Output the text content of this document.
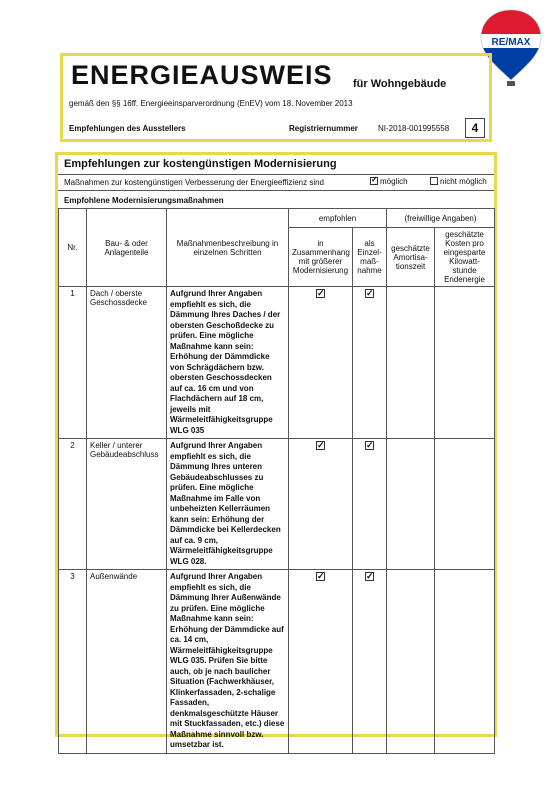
RE/MAX
ENERGIEAUSWEIS für Wohngebäude
gemäß den §§ 16ff. Energieeinsparverordnung (EnEV) vom 18. November 2013
Empfehlungen des Ausstellers	Registriernummer	NI-2018-001995558	4
Empfehlungen zur kostengünstigen Modernisierung
Maßnahmen zur kostengünstigen Verbesserung der Energieeffizienz sind ✓	möglich	nicht möglich
Empfohlene Modernisierungsmaßnahmen
Nr.	Bau- & oder Anlagenteile	Maßnahmenbeschreibung in einzelnen Schritten	empfohlen		(freiwillige Angaben)	
			in Zusammenhang mit größerer Modernisierung	als Einzel-maß-nahme	geschätzte Amortisa-tionszeit	geschätzte Kosten pro eingesparte Kilowatt-stunde Endenergie
1	Dach / oberste Geschossdecke	Aufgrund Ihrer Angaben empfiehlt es sich, die Dämmung Ihres Daches / der obersten Geschoßdecke zu prüfen. Eine mögliche Maßnahme kann sein: Erhöhung der Dämmdicke von Schrägdächern bzw. obersten Geschossdecken auf ca. 16 cm und von Flachdächern auf 18 cm, jeweils mit Wärmeleitfähigkeitsgruppe WLG 035	✓	✓		
2	Keller / unterer Gebäudeabschluss	Aufgrund Ihrer Angaben empfiehlt es sich, die Dämmung Ihres unteren Gebäudeabschlusses zu prüfen. Eine mögliche Maßnahme im Falle von unbeheizten Kellerräumen kann sein: Erhöhung der Dämmdicke bei Kellerdecken auf ca. 9 cm, Wärmeleitfähigkeitsgruppe WLG 028.	✓	✓		
3	Außenwände	Aufgrund Ihrer Angaben empfiehlt es sich, die Dämmung Ihrer Außenwände zu prüfen. Eine mögliche Maßnahme kann sein: Erhöhung der Dämmdicke auf ca. 14 cm, Wärmeleitfähigkeitsgruppe WLG 035. Prüfen Sie bitte auch, ob je nach baulicher Situation (Fachwerkhäuser, Klinkerfassaden, 2-schalige Fassaden, denkmalsgeschützte Häuser mit Stuckfassaden, etc.) diese Maßnahme sinnvoll bzw. umsetzbar ist.	✓	✓		
